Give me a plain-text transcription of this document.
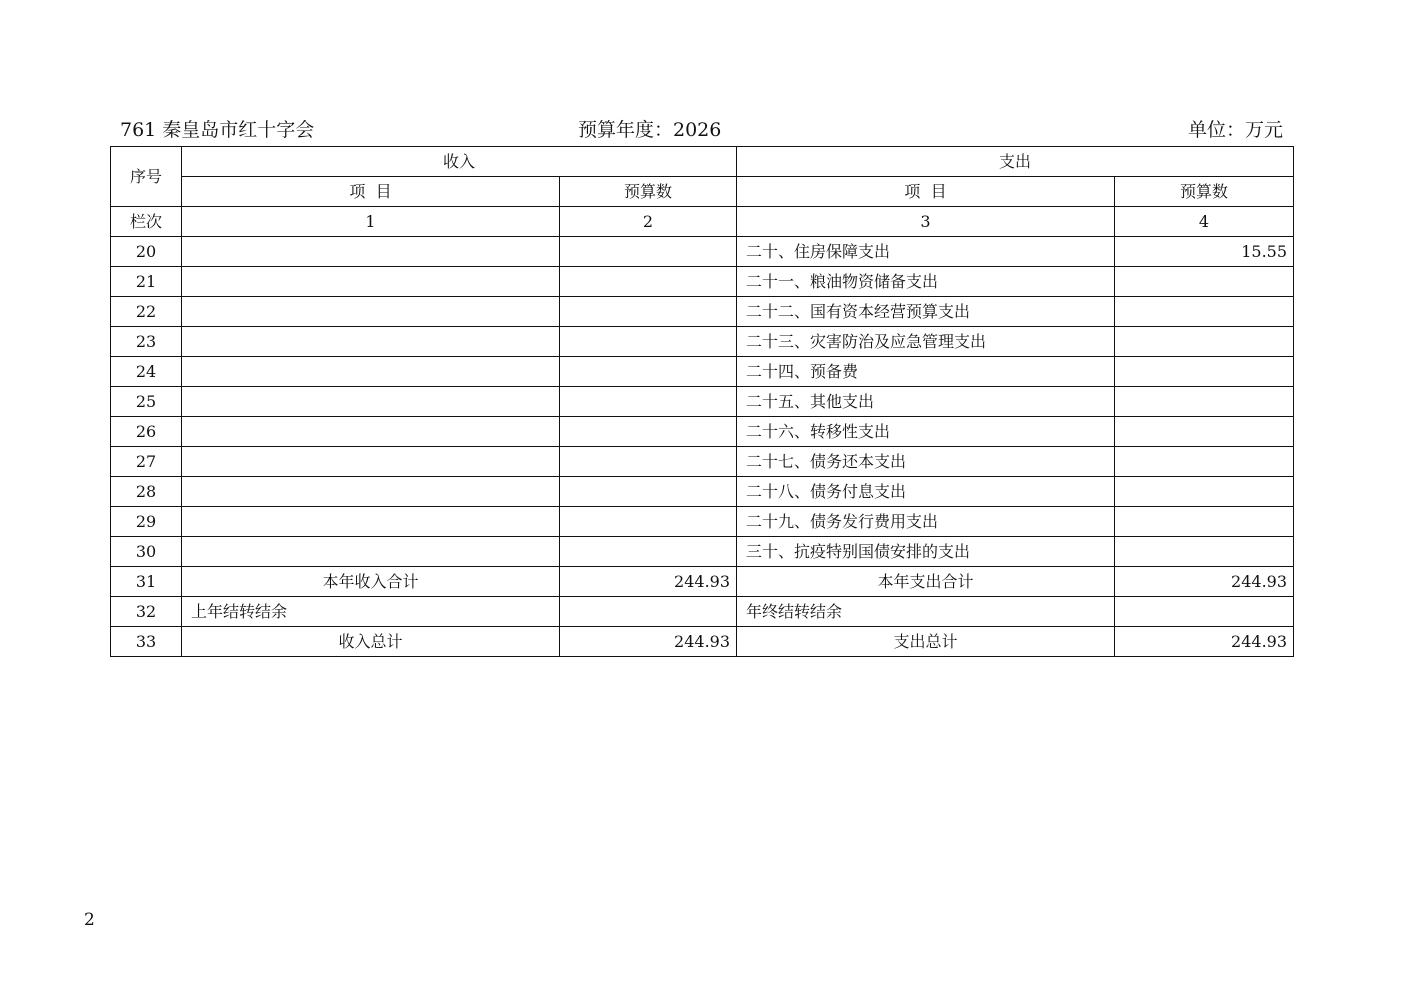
761 秦皇岛市红十字会	预算年度：2026	单位：万元
序号	收入		支出	
	项  目	预算数	项  目	预算数
栏次	1	2	3	4
20			二十、住房保障支出	15.55
21			二十一、粮油物资储备支出	
22			二十二、国有资本经营预算支出	
23			二十三、灾害防治及应急管理支出	
24			二十四、预备费	
25			二十五、其他支出	
26			二十六、转移性支出	
27			二十七、债务还本支出	
28			二十八、债务付息支出	
29			二十九、债务发行费用支出	
30			三十、抗疫特别国债安排的支出	
31	本年收入合计	244.93	本年支出合计	244.93
32	上年结转结余		年终结转结余	
33	收入总计	244.93	支出总计	244.93
2
